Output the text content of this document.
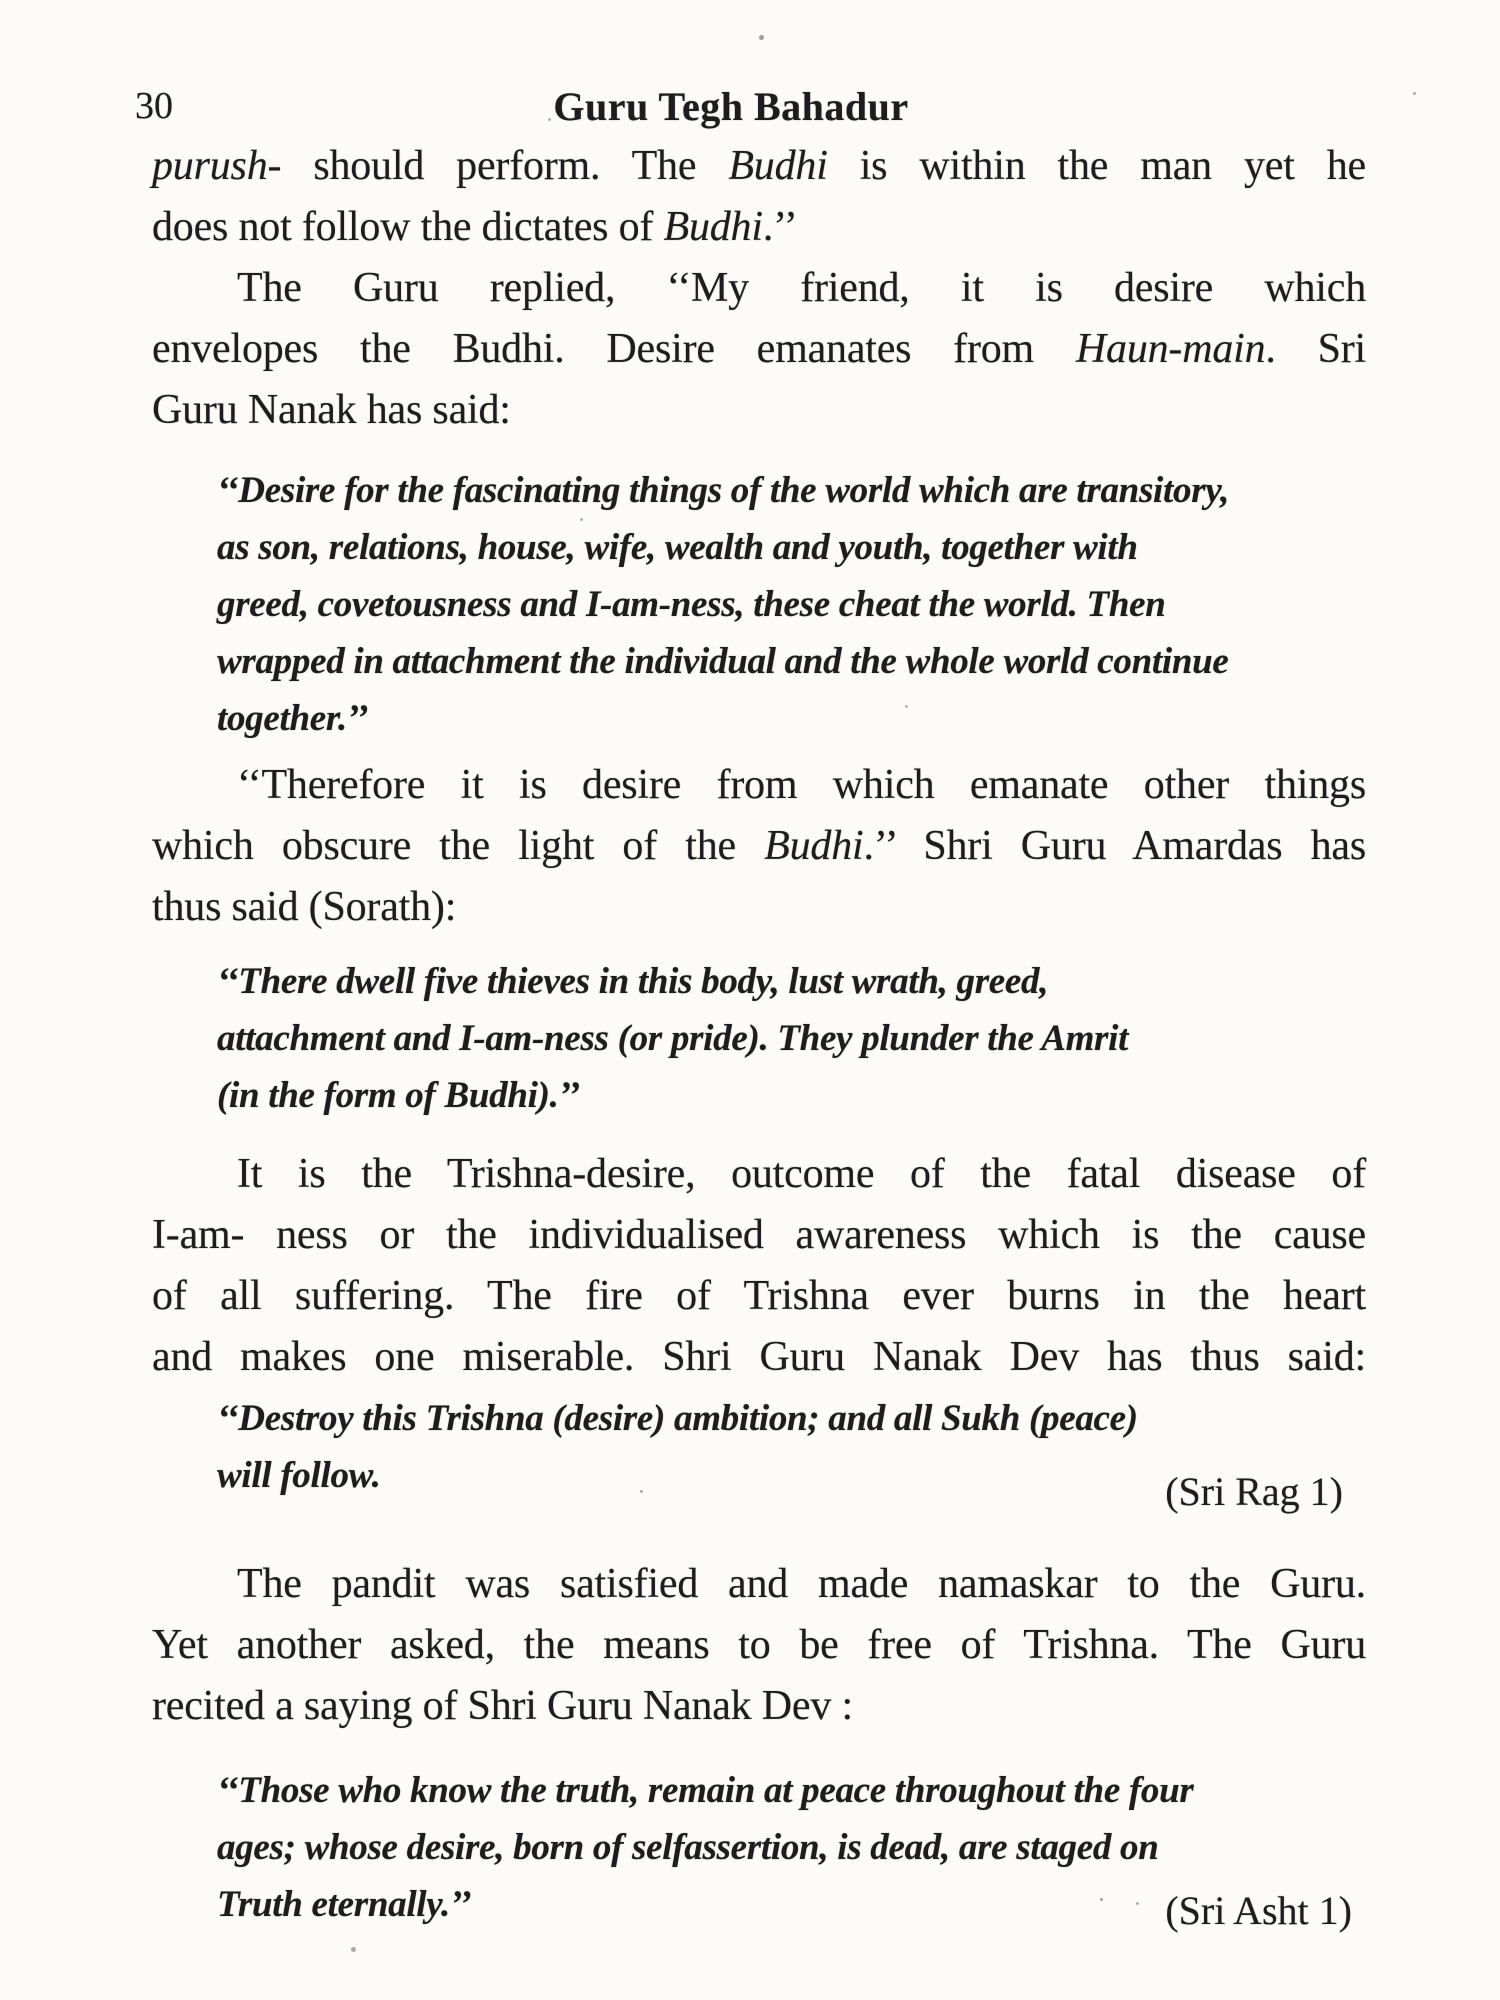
30	Guru Tegh Bahadur
purush- should perform. The Budhi is within the man yet he
does not follow the dictates of Budhi.’’
The Guru replied, ‘‘My friend, it is desire which
envelopes the Budhi. Desire emanates from Haun-main. Sri
Guru Nanak has said:
‘‘Desire for the fascinating things of the world which are transitory,
as son, relations, house, wife, wealth and youth, together with
greed, covetousness and I-am-ness, these cheat the world. Then
wrapped in attachment the individual and the whole world continue
together.’’
‘‘Therefore it is desire from which emanate other things
which obscure the light of the Budhi.’’ Shri Guru Amardas has
thus said (Sorath):
‘‘There dwell five thieves in this body, lust wrath, greed,
attachment and I-am-ness (or pride). They plunder the Amrit
(in the form of Budhi).’’
It is the Trishna-desire, outcome of the fatal disease of
I-am- ness or the individualised awareness which is the cause
of all suffering. The fire of Trishna ever burns in the heart
and makes one miserable. Shri Guru Nanak Dev has thus said:
‘‘Destroy this Trishna (desire) ambition; and all Sukh (peace)
will follow.
The pandit was satisfied and made namaskar to the Guru.
Yet another asked, the means to be free of Trishna. The Guru
recited a saying of Shri Guru Nanak Dev :
‘‘Those who know the truth, remain at peace throughout the four
ages; whose desire, born of selfassertion, is dead, are staged on
Truth eternally.’’
(Sri Rag 1)
(Sri Asht 1)
